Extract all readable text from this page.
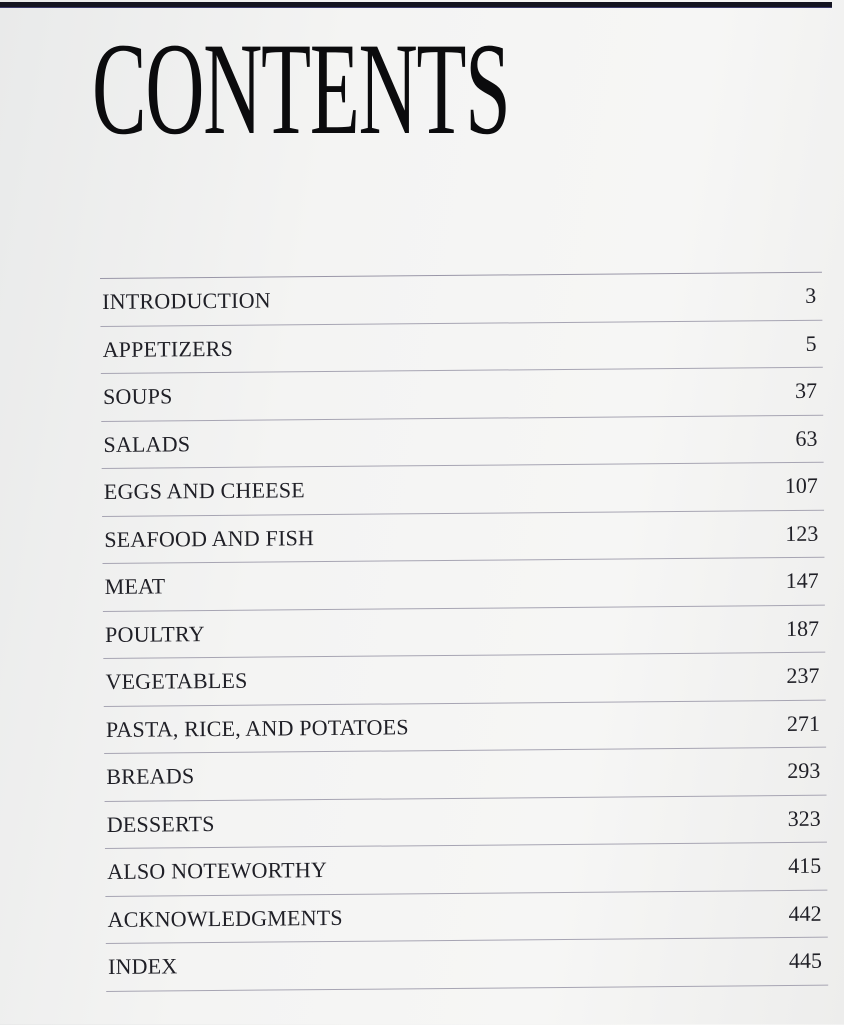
CONTENTS
INTRODUCTION	3
APPETIZERS	5
SOUPS	37
SALADS	63
EGGS AND CHEESE	107
SEAFOOD AND FISH	123
MEAT	147
POULTRY	187
VEGETABLES	237
PASTA, RICE, AND POTATOES	271
BREADS	293
DESSERTS	323
ALSO NOTEWORTHY	415
ACKNOWLEDGMENTS	442
INDEX	445
